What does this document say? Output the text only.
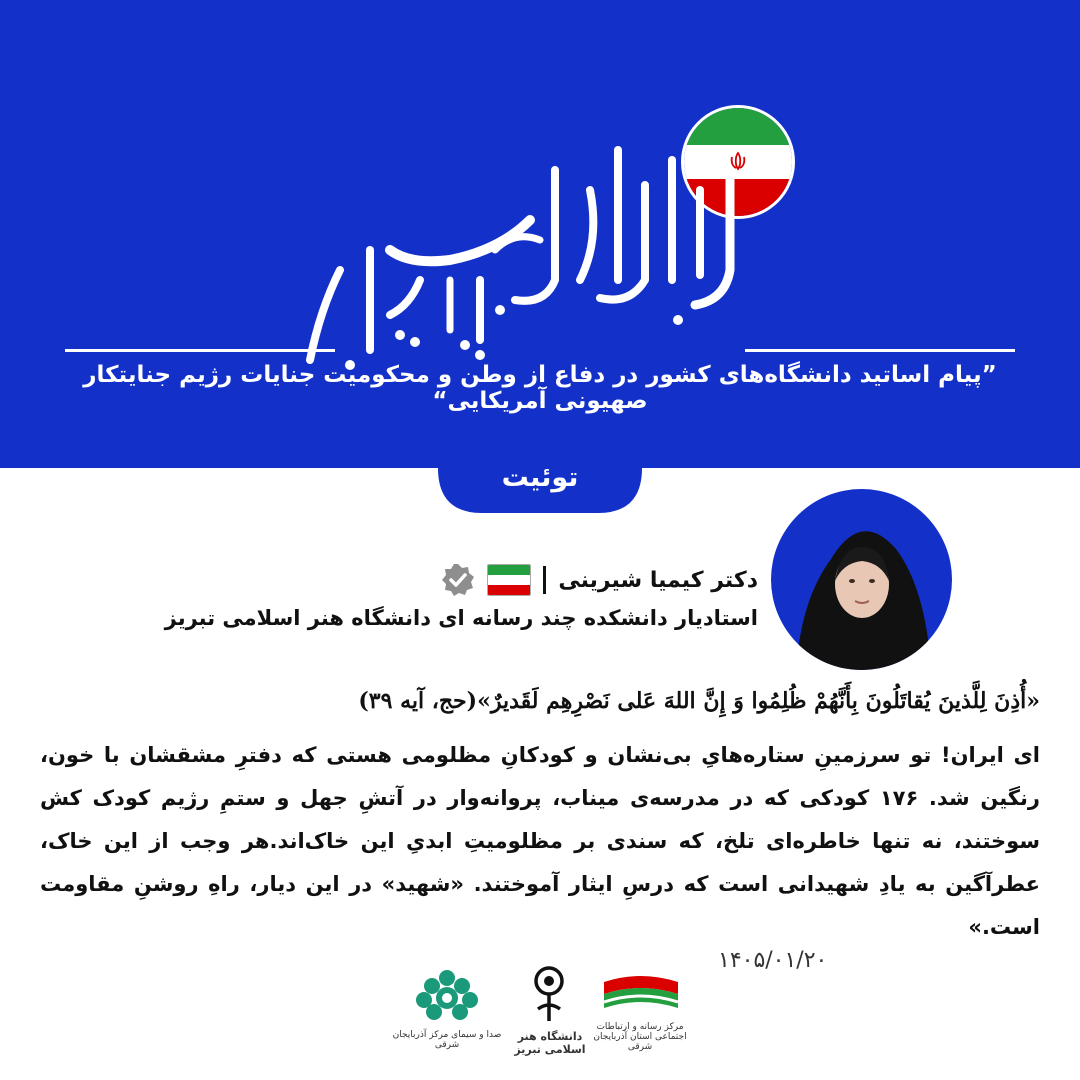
”پیام اساتید دانشگاه‌های کشور در دفاع از وطن و محکومیت جنایات رژیم جنایتکار صهیونی آمریکایی“
توئیت
دکتر کیمیا شیرینی
استادیار دانشکده چند رسانه ای دانشگاه هنر اسلامی تبریز
«أُذِنَ لِلَّذینَ یُقاتَلُونَ بِأَنَّهُمْ ظُلِمُوا وَ إِنَّ اللهَ عَلی نَصْرِهِم لَقَدیرٌ»(حج، آیه ۳۹)
ای ایران! تو سرزمینِ ستاره‌هایِ بی‌نشان و کودکانِ مظلومی هستی که دفترِ مشقشان با خون، رنگین شد. ۱۷۶ کودکی که در مدرسه‌ی میناب، پروانه‌وار در آتشِ جهل و ستمِ رژیم کودک کش سوختند، نه تنها خاطره‌ای تلخ، که سندی بر مظلومیتِ ابدیِ این خاک‌اند.هر وجب از این خاک، عطرآگین به یادِ شهیدانی است که درسِ ایثار آموختند. «شهید» در این دیار، راهِ روشنِ مقاومت است.»
۱۴۰۵/۰۱/۲۰
مرکز رسانه و ارتباطات اجتماعی استان آذربایجان شرقی
دانشگاه هنر اسلامی تبریز
صدا و سیمای مرکز آذربایجان شرقی
